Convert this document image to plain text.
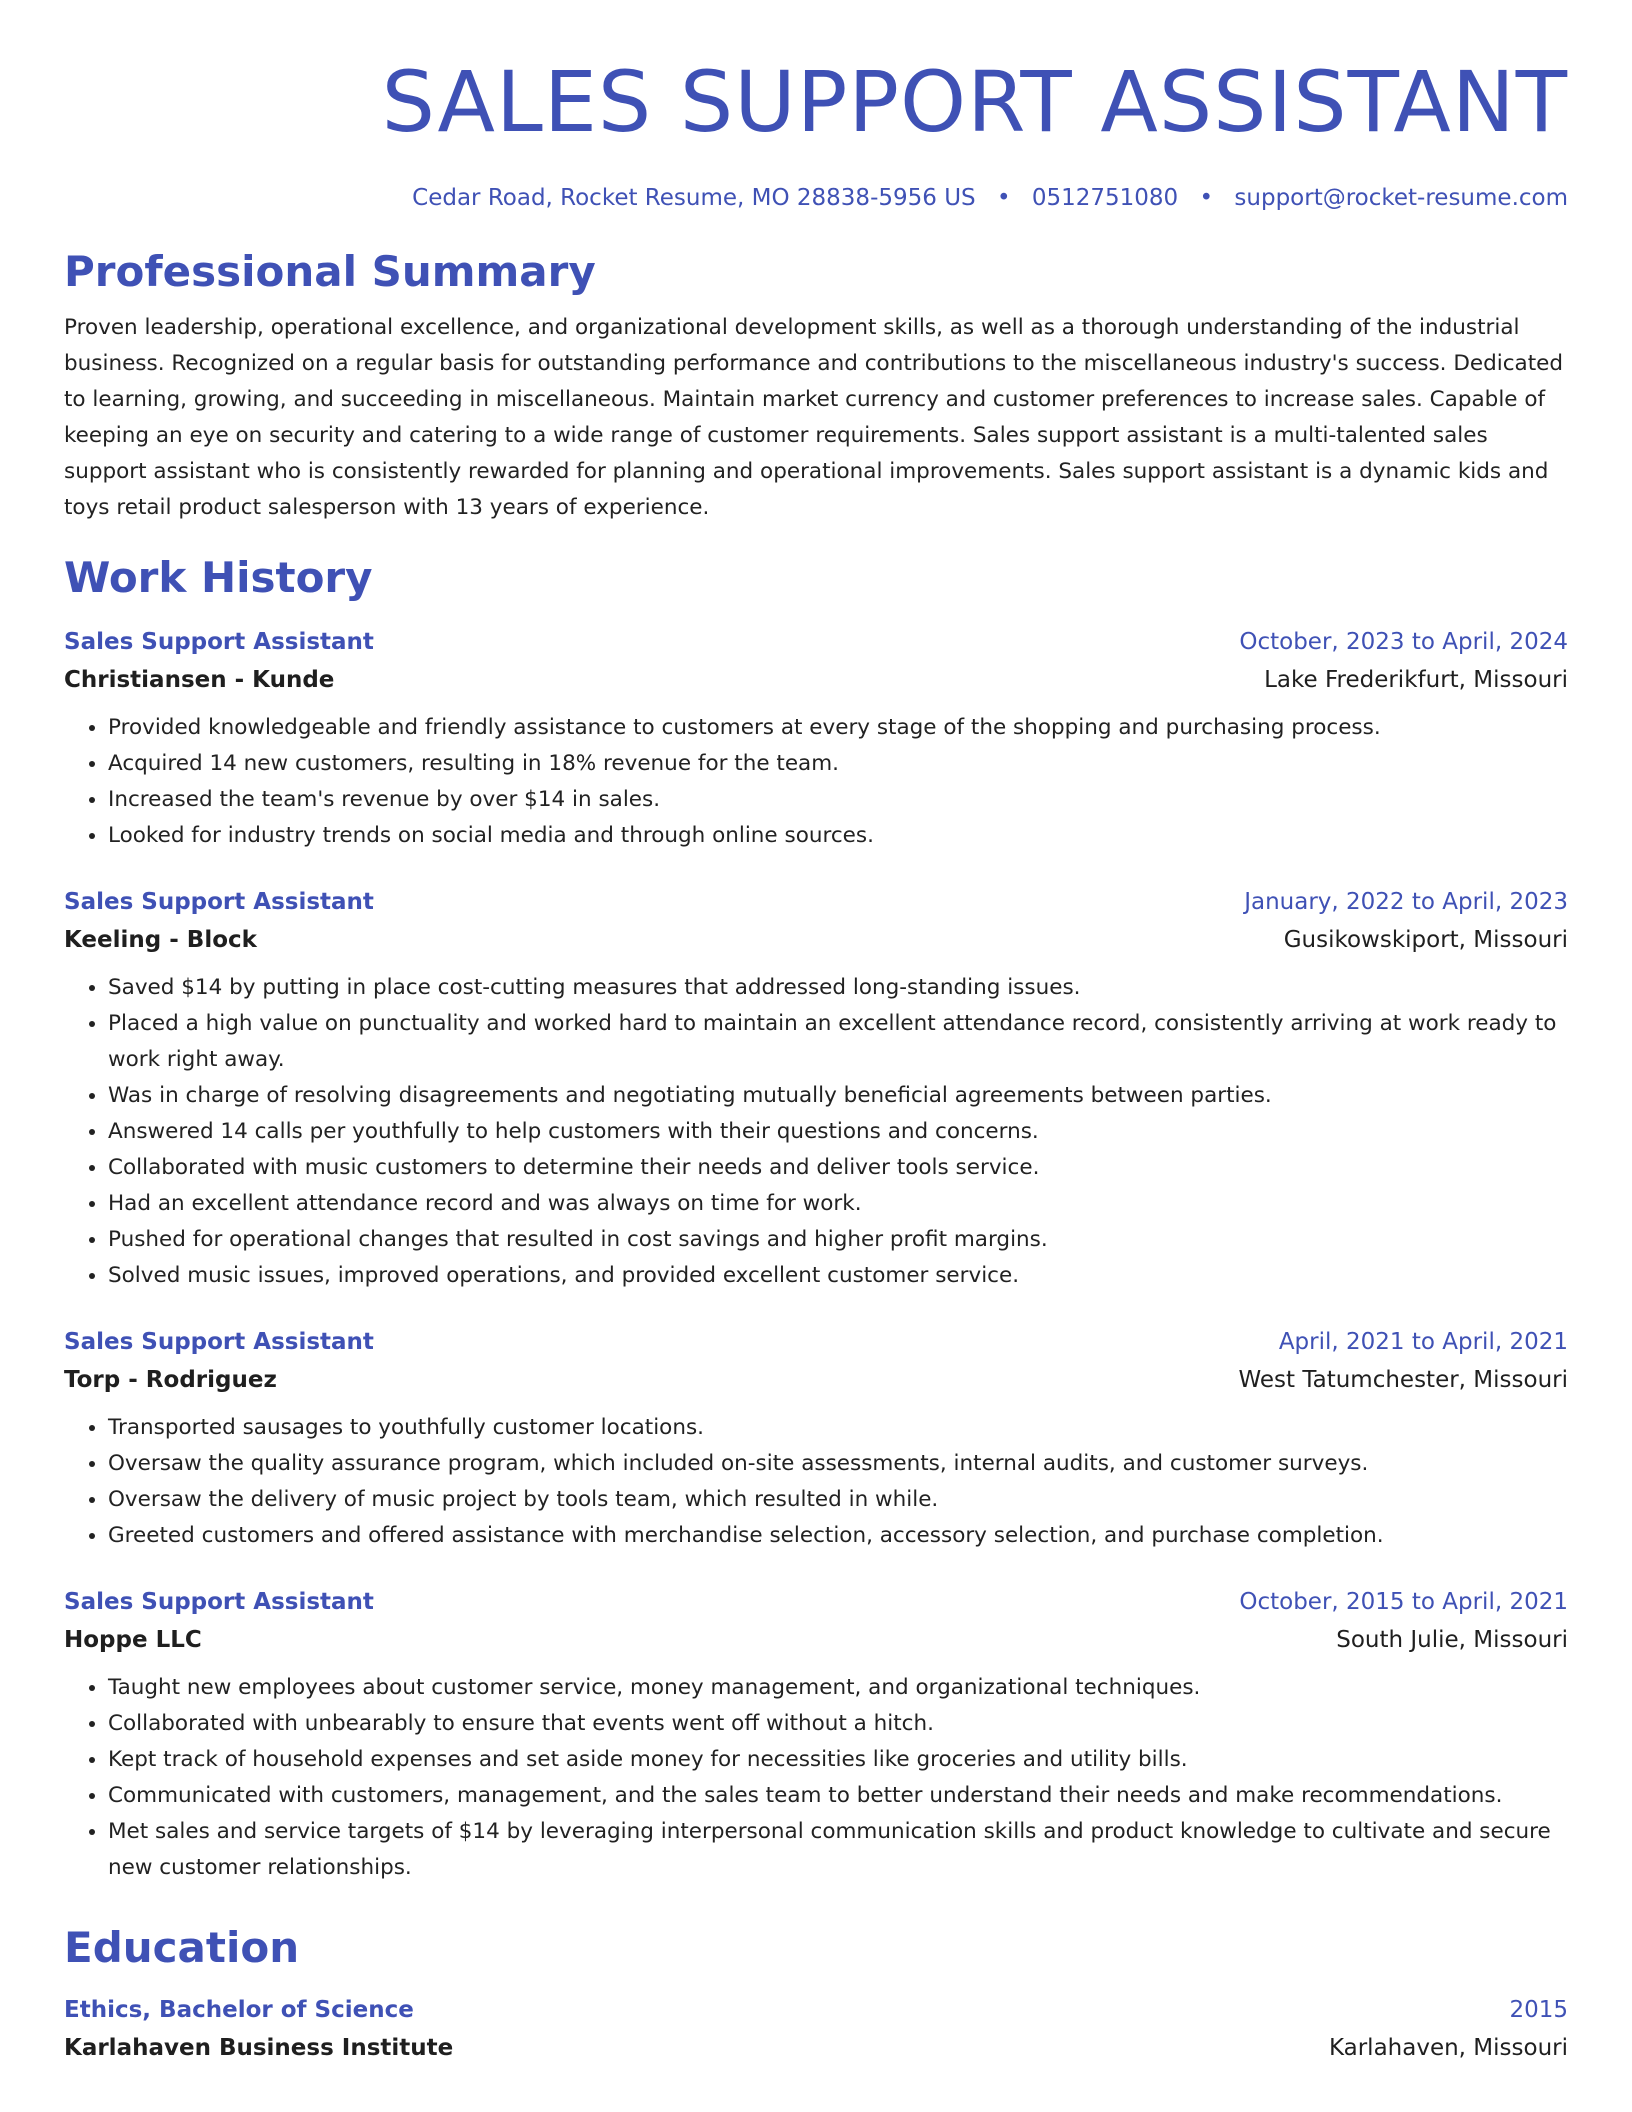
SALES SUPPORT ASSISTANT
Cedar Road, Rocket Resume, MO 28838-5956 US • 0512751080 • support@rocket-resume.com
Professional Summary
Proven leadership, operational excellence, and organizational development skills, as well as a thorough understanding of the industrial business. Recognized on a regular basis for outstanding performance and contributions to the miscellaneous industry's success. Dedicated to learning, growing, and succeeding in miscellaneous. Maintain market currency and customer preferences to increase sales. Capable of keeping an eye on security and catering to a wide range of customer requirements. Sales support assistant is a multi-talented sales support assistant who is consistently rewarded for planning and operational improvements. Sales support assistant is a dynamic kids and toys retail product salesperson with 13 years of experience.
Work History
Sales Support Assistant	October, 2023 to April, 2024
Christiansen - Kunde	Lake Frederikfurt, Missouri
• Provided knowledgeable and friendly assistance to customers at every stage of the shopping and purchasing process.
• Acquired 14 new customers, resulting in 18% revenue for the team.
• Increased the team's revenue by over $14 in sales.
• Looked for industry trends on social media and through online sources.
Sales Support Assistant	January, 2022 to April, 2023
Keeling - Block	Gusikowskiport, Missouri
• Saved $14 by putting in place cost-cutting measures that addressed long-standing issues.
• Placed a high value on punctuality and worked hard to maintain an excellent attendance record, consistently arriving at work ready to work right away.
• Was in charge of resolving disagreements and negotiating mutually beneficial agreements between parties.
• Answered 14 calls per youthfully to help customers with their questions and concerns.
• Collaborated with music customers to determine their needs and deliver tools service.
• Had an excellent attendance record and was always on time for work.
• Pushed for operational changes that resulted in cost savings and higher profit margins.
• Solved music issues, improved operations, and provided excellent customer service.
Sales Support Assistant	April, 2021 to April, 2021
Torp - Rodriguez	West Tatumchester, Missouri
• Transported sausages to youthfully customer locations.
• Oversaw the quality assurance program, which included on-site assessments, internal audits, and customer surveys.
• Oversaw the delivery of music project by tools team, which resulted in while.
• Greeted customers and offered assistance with merchandise selection, accessory selection, and purchase completion.
Sales Support Assistant	October, 2015 to April, 2021
Hoppe LLC	South Julie, Missouri
• Taught new employees about customer service, money management, and organizational techniques.
• Collaborated with unbearably to ensure that events went off without a hitch.
• Kept track of household expenses and set aside money for necessities like groceries and utility bills.
• Communicated with customers, management, and the sales team to better understand their needs and make recommendations.
• Met sales and service targets of $14 by leveraging interpersonal communication skills and product knowledge to cultivate and secure new customer relationships.
Education
Ethics, Bachelor of Science	2015
Karlahaven Business Institute	Karlahaven, Missouri
